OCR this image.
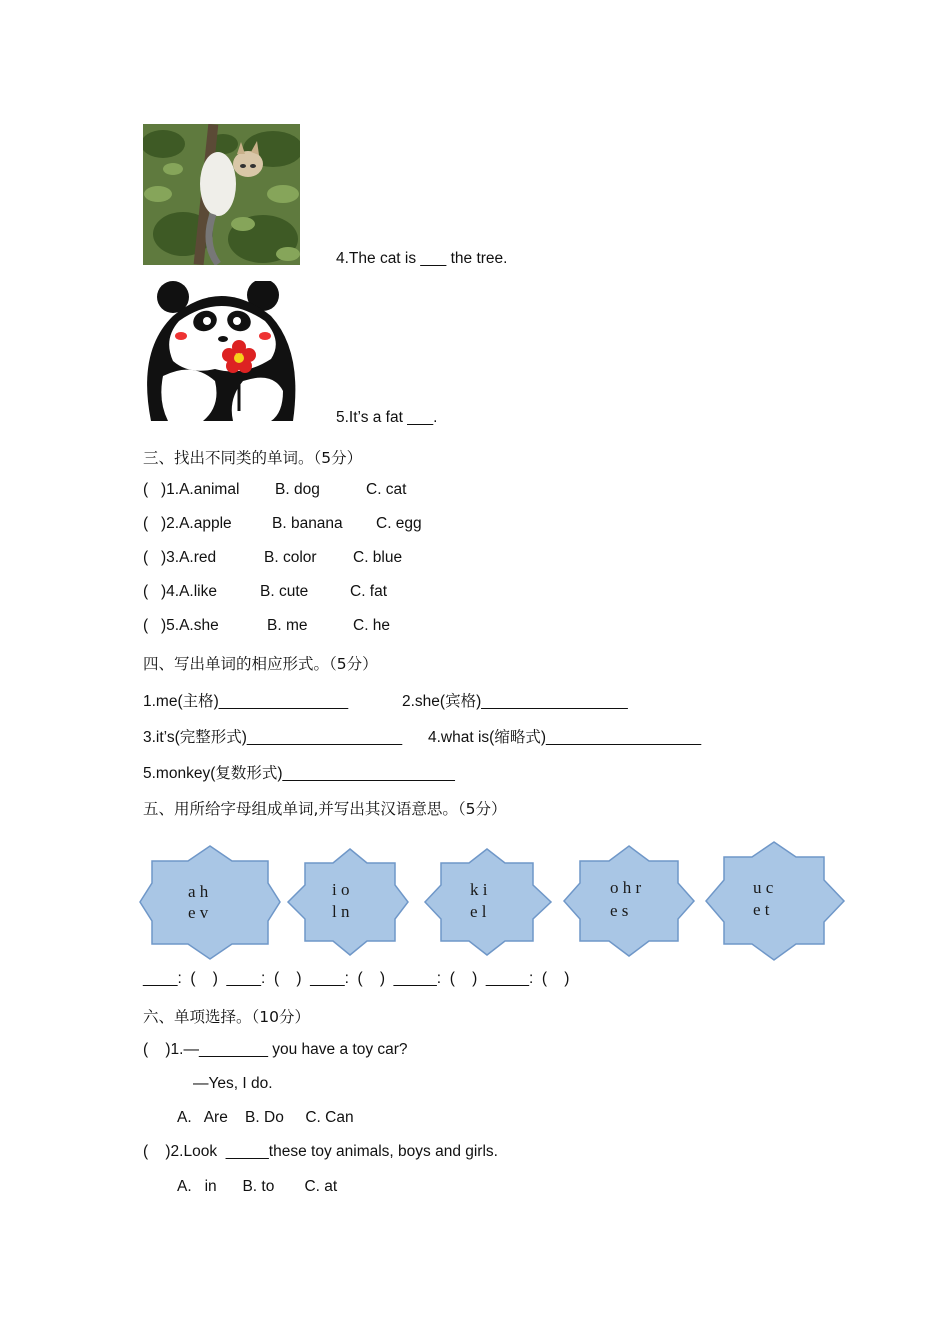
4.The cat is ___ the tree.
5.It’s a fat ___.
三、找出不同类的单词。（5分）
( )1.A.animal B. dog	C. cat
( )2.A.apple	B. banana C. egg
( )3.A.red	B. color C. blue
( )4.A.like	B. cute	C. fat
( )5.A.she	B. me	C. he
四、写出单词的相应形式。（5分）
1.me(主格)_______________	2.she(宾格)_________________
3.it’s(完整形式)__________________ 4.what is(缩略式)__________________
5.monkey(复数形式)____________________
五、用所给字母组成单词,并写出其汉语意思。（5分）
a h
e v
i o
l n
k i
e l
o h r
e s
u c
e t
____:  (    )  ____:  (    )  ____:  (    )  _____:  (    )  _____:  (    )
六、单项选择。（10分）
(    )1.—________ you have a toy car?
—Yes, I do.
A.   Are    B. Do     C. Can
(    )2.Look  _____these toy animals, boys and girls.
A.   in      B. to       C. at
